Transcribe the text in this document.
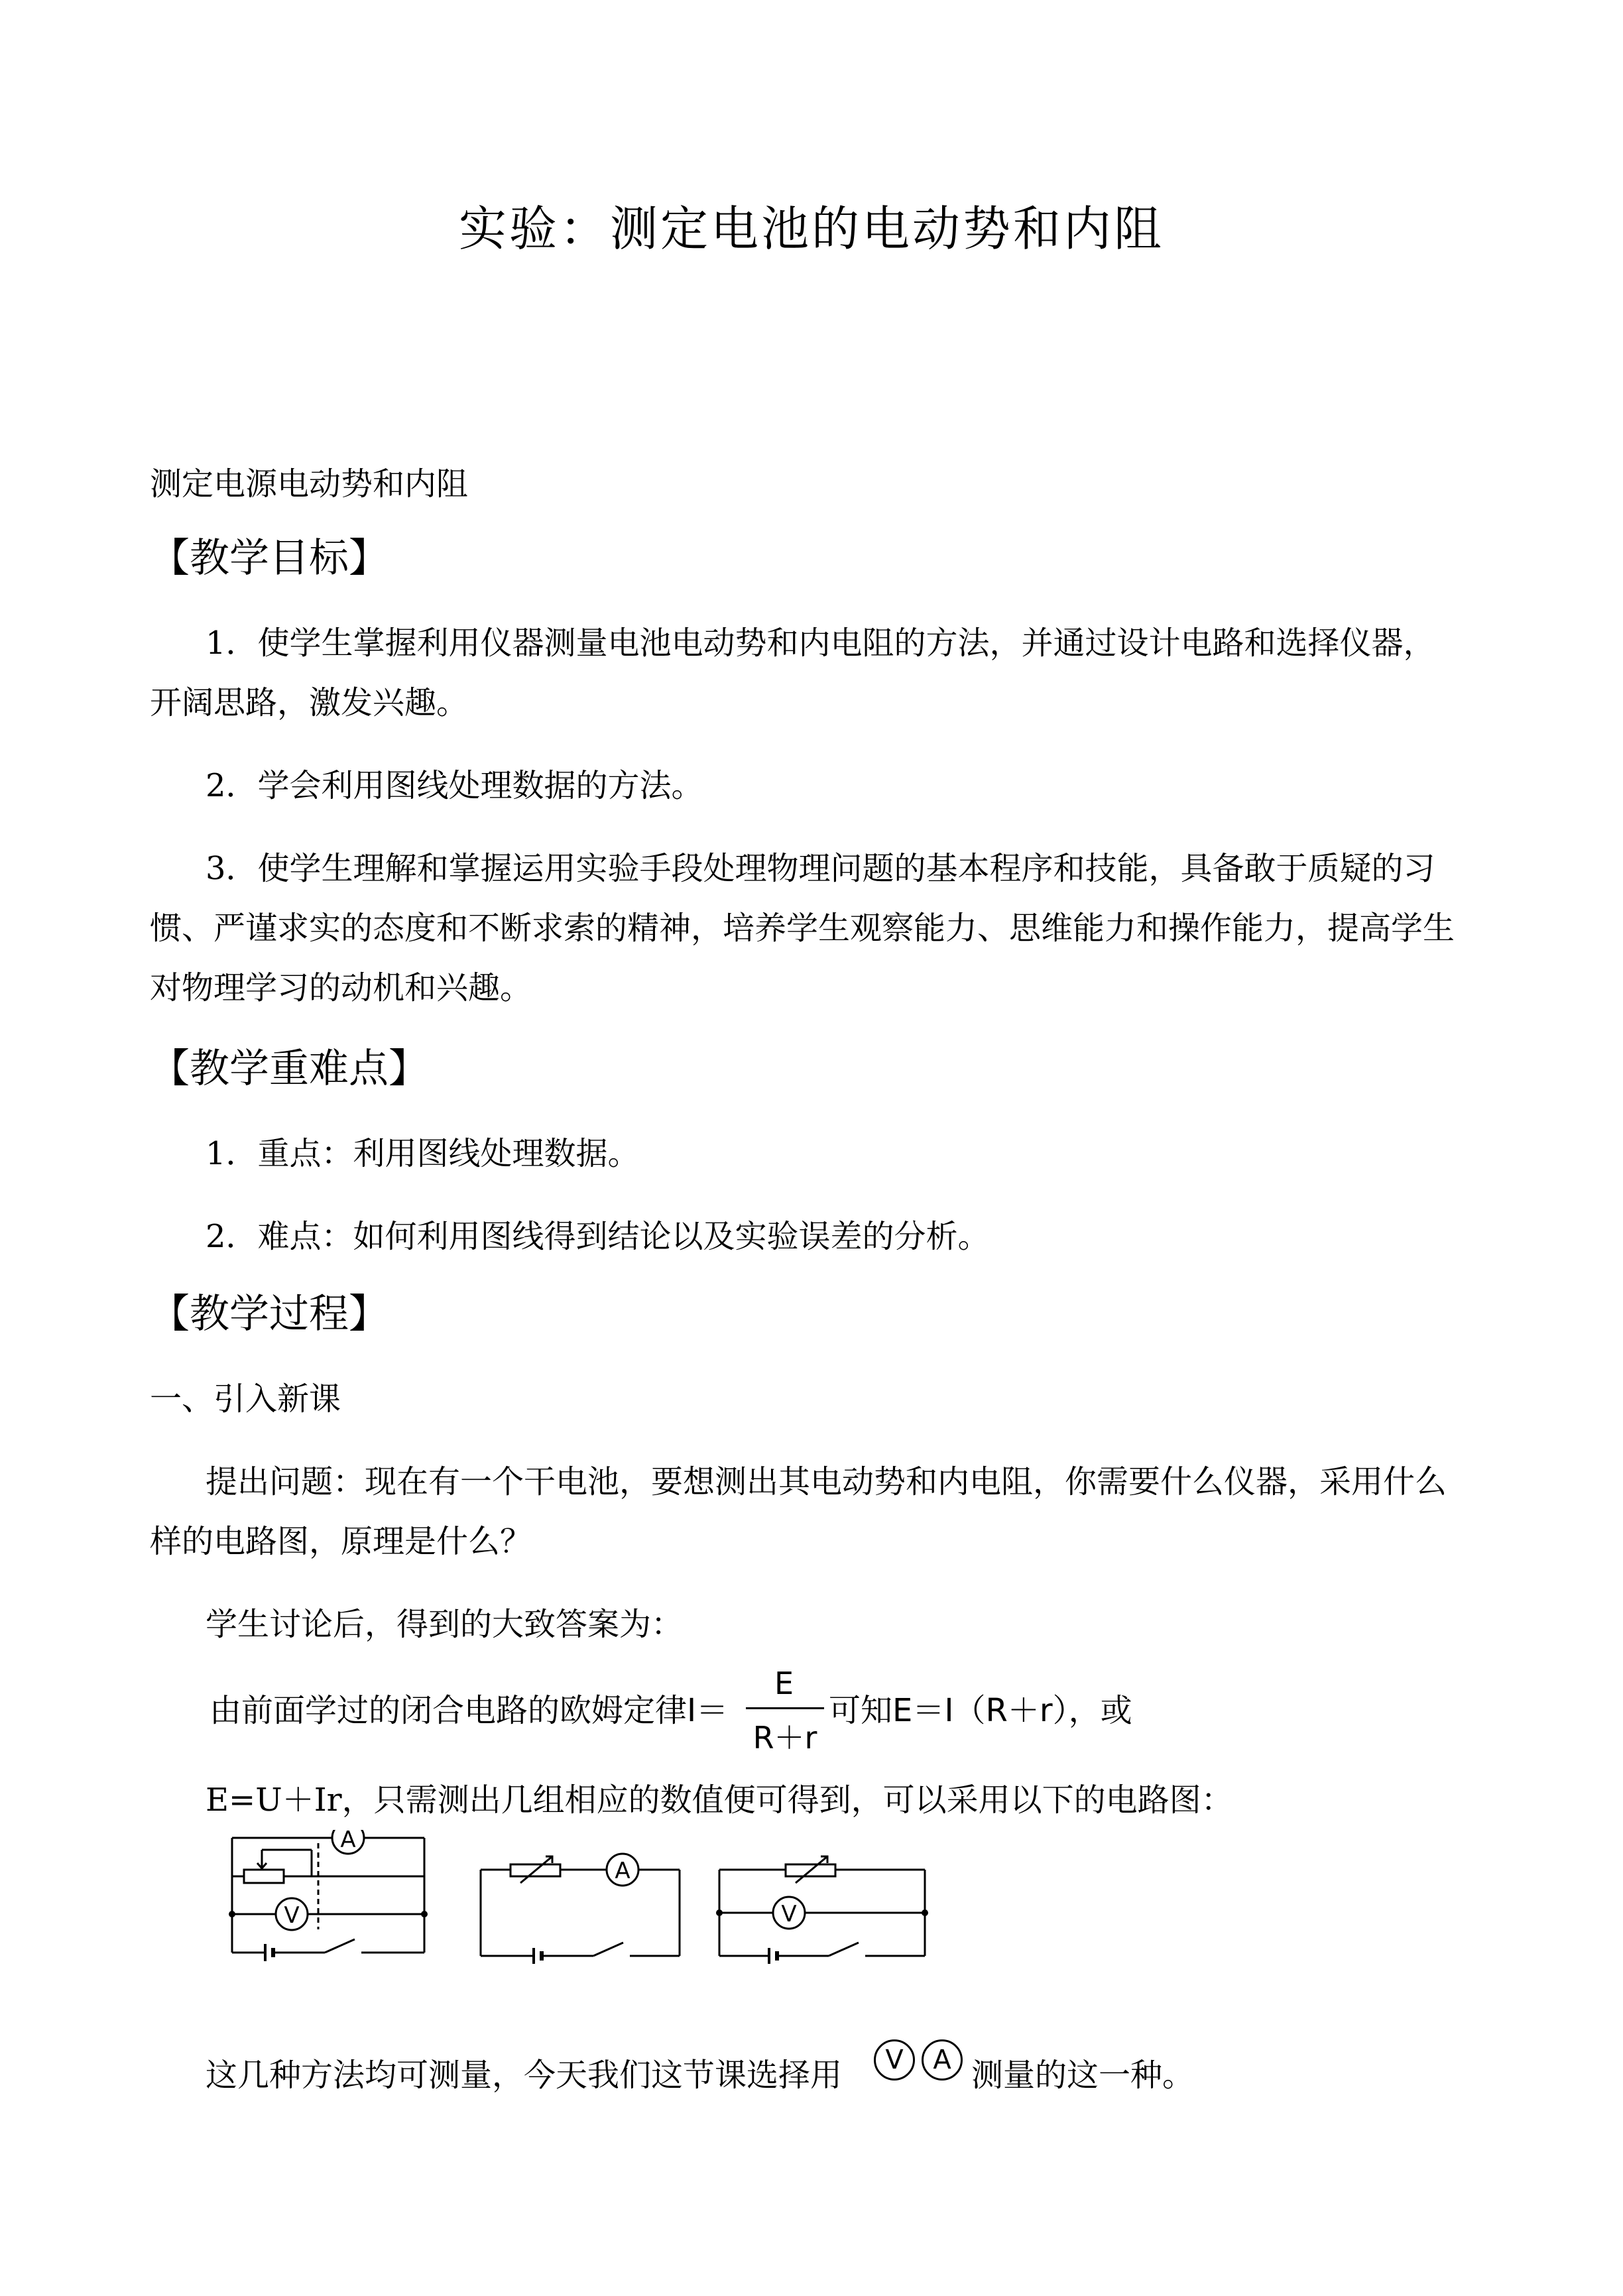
实验：测定电池的电动势和内阻
测定电源电动势和内阻
【教学目标】
1．使学生掌握利用仪器测量电池电动势和内电阻的方法，并通过设计电路和选择仪器，
开阔思路，激发兴趣。
2．学会利用图线处理数据的方法。
3．使学生理解和掌握运用实验手段处理物理问题的基本程序和技能，具备敢于质疑的习
惯、严谨求实的态度和不断求索的精神，培养学生观察能力、思维能力和操作能力，提高学生
对物理学习的动机和兴趣。
【教学重难点】
1．重点：利用图线处理数据。
2．难点：如何利用图线得到结论以及实验误差的分析。
【教学过程】
一、引入新课
提出问题：现在有一个干电池，要想测出其电动势和内电阻，你需要什么仪器，采用什么
样的电路图，原理是什么？
学生讨论后，得到的大致答案为：
由前面学过的闭合电路的欧姆定律I＝
E
R＋r
可知E＝I（R＋r），或
E=U＋Ir，只需测出几组相应的数值便可得到，可以采用以下的电路图：
A
V
A
V
这几种方法均可测量，今天我们这节课选择用	V	A 测量的这一种。
